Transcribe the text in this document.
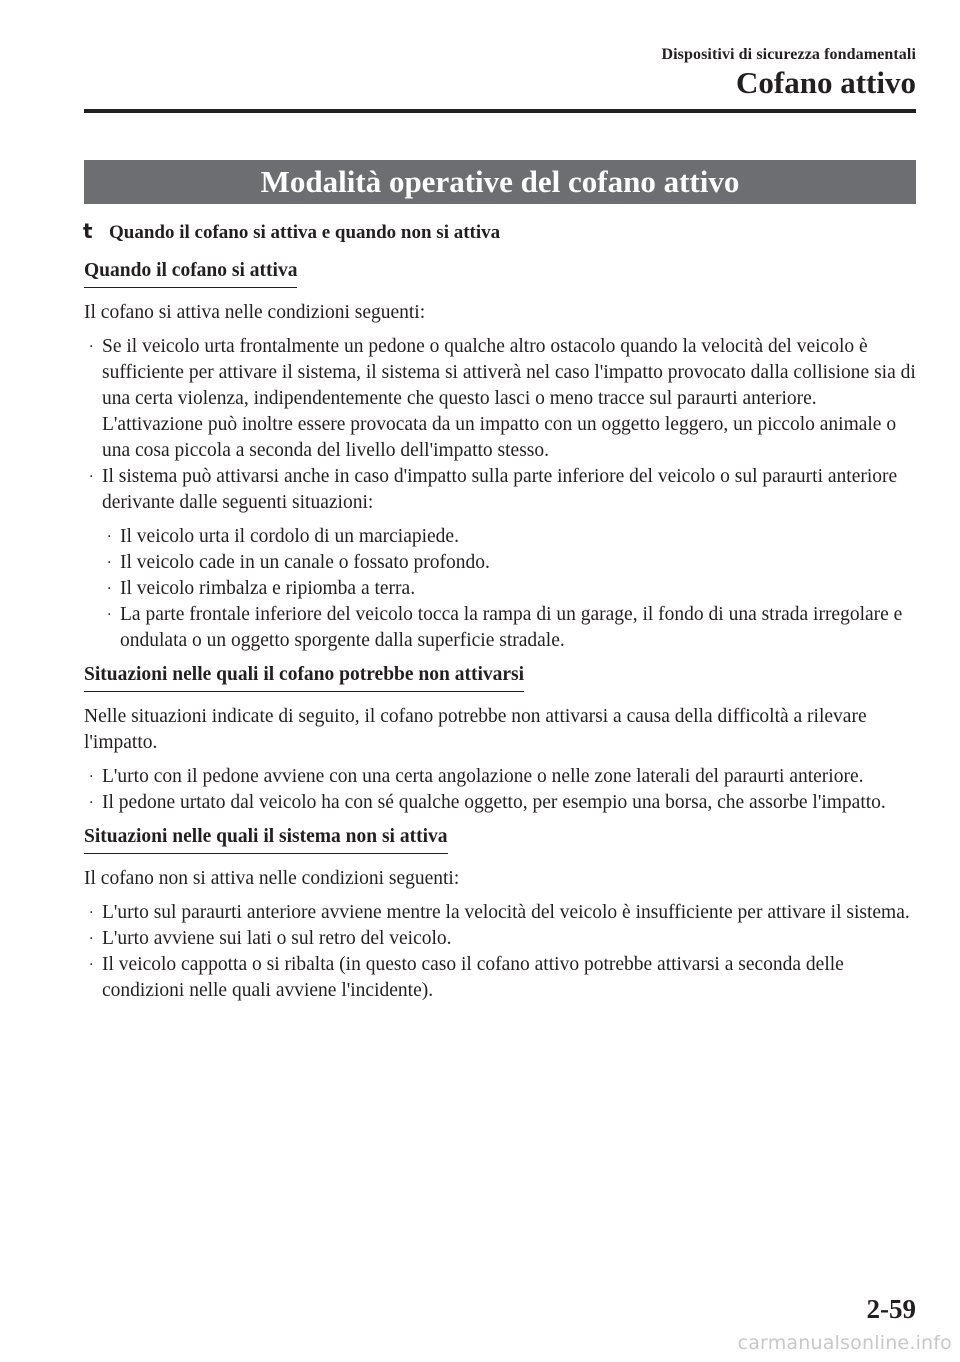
Dispositivi di sicurezza fondamentali
Cofano attivo
Modalità operative del cofano attivo
t Quando il cofano si attiva e quando non si attiva
Quando il cofano si attiva

Il cofano si attiva nelle condizioni seguenti:

· Se il veicolo urta frontalmente un pedone o qualche altro ostacolo quando la velocità del veicolo è sufficiente per attivare il sistema, il sistema si attiverà nel caso l'impatto provocato dalla collisione sia di una certa violenza, indipendentemente che questo lasci o meno tracce sul paraurti anteriore. L'attivazione può inoltre essere provocata da un impatto con un oggetto leggero, un piccolo animale o una cosa piccola a seconda del livello dell'impatto stesso.
· Il sistema può attivarsi anche in caso d'impatto sulla parte inferiore del veicolo o sul paraurti anteriore derivante dalle seguenti situazioni:
· Il veicolo urta il cordolo di un marciapiede.
· Il veicolo cade in un canale o fossato profondo.
· Il veicolo rimbalza e ripiomba a terra.
· La parte frontale inferiore del veicolo tocca la rampa di un garage, il fondo di una strada irregolare e ondulata o un oggetto sporgente dalla superficie stradale.
Situazioni nelle quali il cofano potrebbe non attivarsi

Nelle situazioni indicate di seguito, il cofano potrebbe non attivarsi a causa della difficoltà a rilevare l'impatto.

· L'urto con il pedone avviene con una certa angolazione o nelle zone laterali del paraurti anteriore.
· Il pedone urtato dal veicolo ha con sé qualche oggetto, per esempio una borsa, che assorbe l'impatto.
Situazioni nelle quali il sistema non si attiva

Il cofano non si attiva nelle condizioni seguenti:

· L'urto sul paraurti anteriore avviene mentre la velocità del veicolo è insufficiente per attivare il sistema.
· L'urto avviene sui lati o sul retro del veicolo.
· Il veicolo cappotta o si ribalta (in questo caso il cofano attivo potrebbe attivarsi a seconda delle condizioni nelle quali avviene l'incidente).
2-59
carmanualsonline.info
